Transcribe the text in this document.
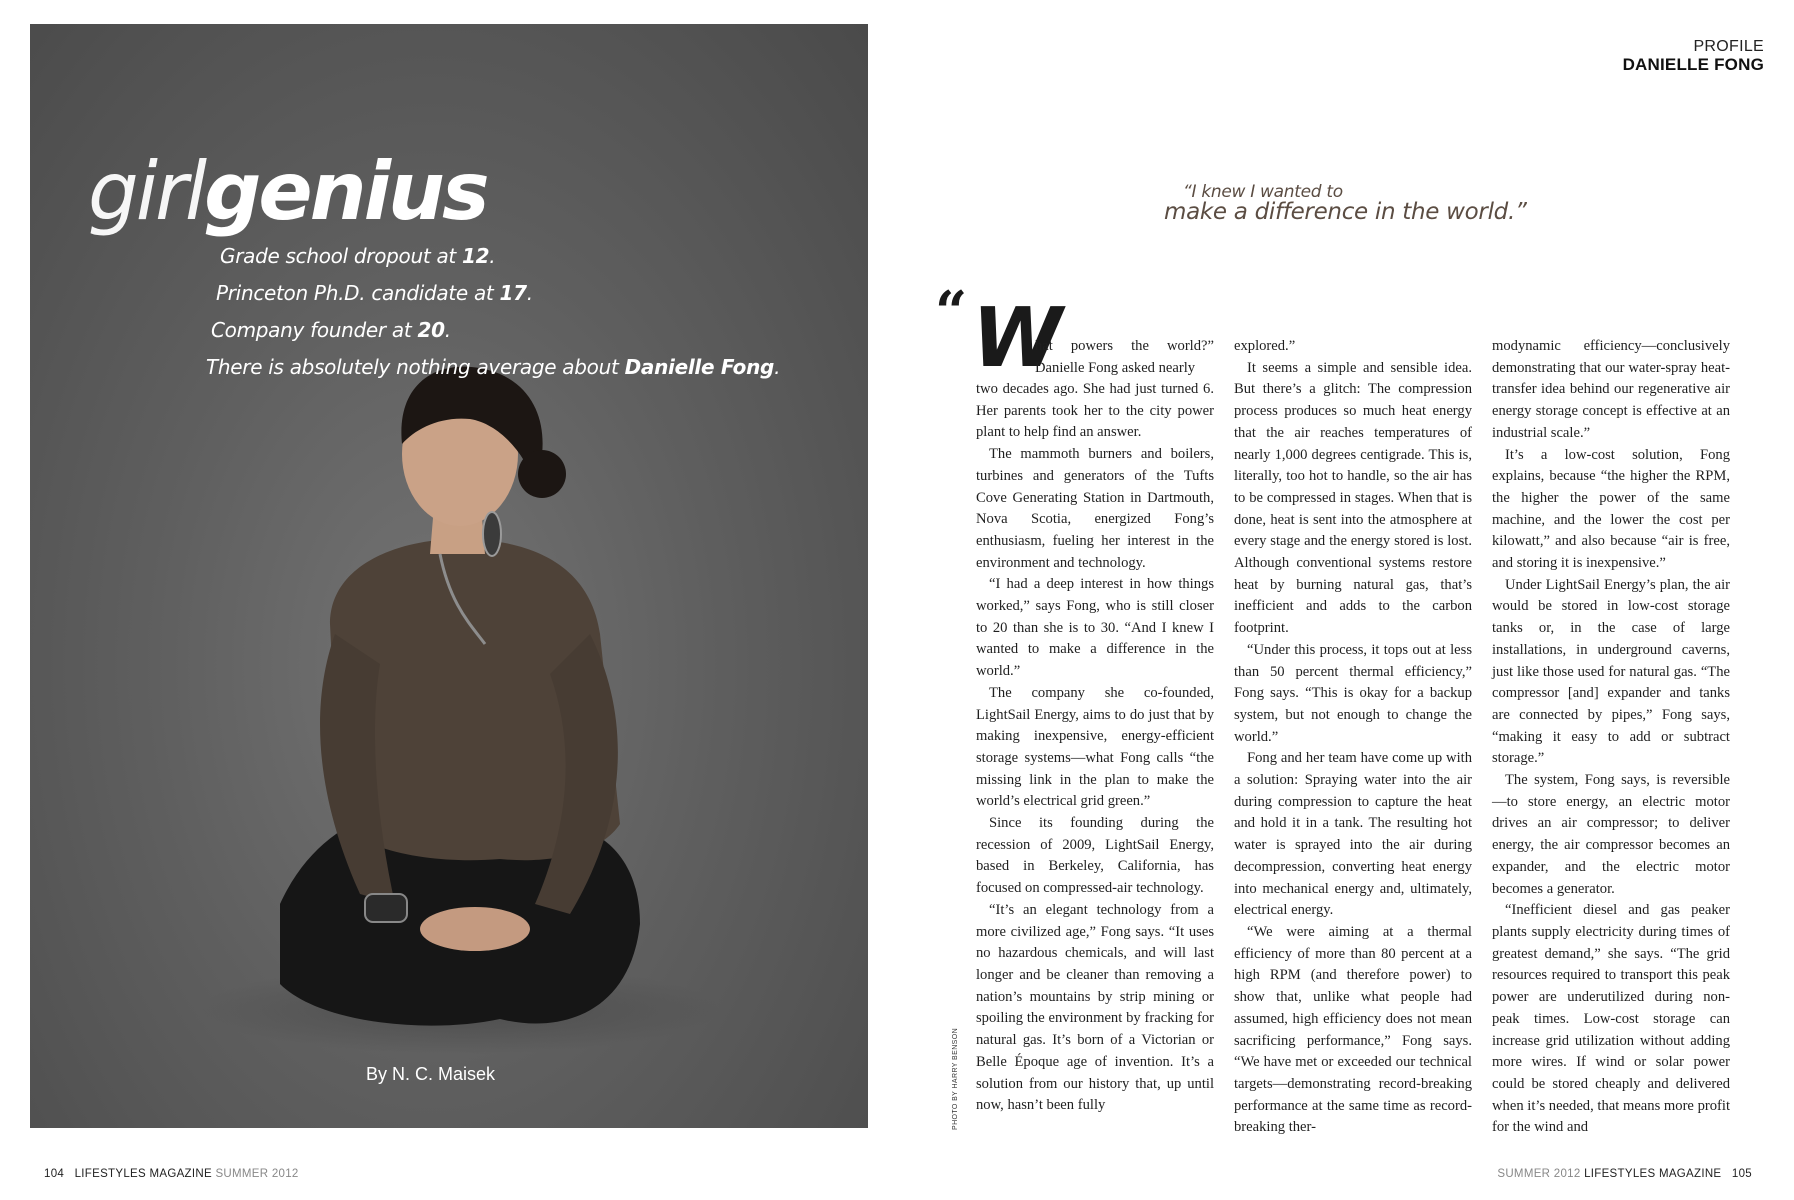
girlgenius
Grade school dropout at 12.
Princeton Ph.D. candidate at 17.
Company founder at 20.
There is absolutely nothing average about Danielle Fong.
By N. C. Maisek
PROFILE
DANIELLE FONG
“I knew I wanted to
make a difference in the world.”
PHOTO BY HARRY BENSON
“ W
hat powers the world?” Danielle Fong asked nearly

two decades ago. She had just turned 6. Her parents took her to the city power plant to help find an answer.

The mammoth burners and boilers, turbines and generators of the Tufts Cove Generating Station in Dartmouth, Nova Scotia, energized Fong’s enthusiasm, fueling her interest in the environment and technology.

“I had a deep interest in how things worked,” says Fong, who is still closer to 20 than she is to 30. “And I knew I wanted to make a difference in the world.”

The company she co-founded, LightSail Energy, aims to do just that by making inexpensive, energy-efficient storage systems—what Fong calls “the missing link in the plan to make the world’s electrical grid green.”

Since its founding during the recession of 2009, LightSail Energy, based in Berkeley, California, has focused on compressed-air technology.

“It’s an elegant technology from a more civilized age,” Fong says. “It uses no hazardous chemicals, and will last longer and be cleaner than removing a nation’s mountains by strip mining or spoiling the environment by fracking for natural gas. It’s born of a Victorian or Belle Époque age of invention. It’s a solution from our history that, up until now, hasn’t been fully

explored.”

It seems a simple and sensible idea. But there’s a glitch: The compression process produces so much heat energy that the air reaches temperatures of nearly 1,000 degrees centigrade. This is, literally, too hot to handle, so the air has to be compressed in stages. When that is done, heat is sent into the atmosphere at every stage and the energy stored is lost. Although conventional systems restore heat by burning natural gas, that’s inefficient and adds to the carbon footprint.

“Under this process, it tops out at less than 50 percent thermal efficiency,” Fong says. “This is okay for a backup system, but not enough to change the world.”

Fong and her team have come up with a solution: Spraying water into the air during compression to capture the heat and hold it in a tank. The resulting hot water is sprayed into the air during decompression, converting heat energy into mechanical energy and, ultimately, electrical energy.

“We were aiming at a thermal efficiency of more than 80 percent at a high RPM (and therefore power) to show that, unlike what people had assumed, high efficiency does not mean sacrificing performance,” Fong says. “We have met or exceeded our technical targets—demonstrating record-breaking performance at the same time as record-breaking ther-

modynamic efficiency—conclusively demonstrating that our water-spray heat-transfer idea behind our regenerative air energy storage concept is effective at an industrial scale.”

It’s a low-cost solution, Fong explains, because “the higher the RPM, the higher the power of the same machine, and the lower the cost per kilowatt,” and also because “air is free, and storing it is inexpensive.”

Under LightSail Energy’s plan, the air would be stored in low-cost storage tanks or, in the case of large installations, in underground caverns, just like those used for natural gas. “The compressor [and] expander and tanks are connected by pipes,” Fong says, “making it easy to add or subtract storage.”

The system, Fong says, is reversible—to store energy, an electric motor drives an air compressor; to deliver energy, the air compressor becomes an expander, and the electric motor becomes a generator.

“Inefficient diesel and gas peaker plants supply electricity during times of greatest demand,” she says. “The grid resources required to transport this peak power are underutilized during non-peak times. Low-cost storage can increase grid utilization without adding more wires. If wind or solar power could be stored cheaply and delivered when it’s needed, that means more profit for the wind and

104 LIFESTYLES MAGAZINE SUMMER 2012	SUMMER 2012 LIFESTYLES MAGAZINE 105
